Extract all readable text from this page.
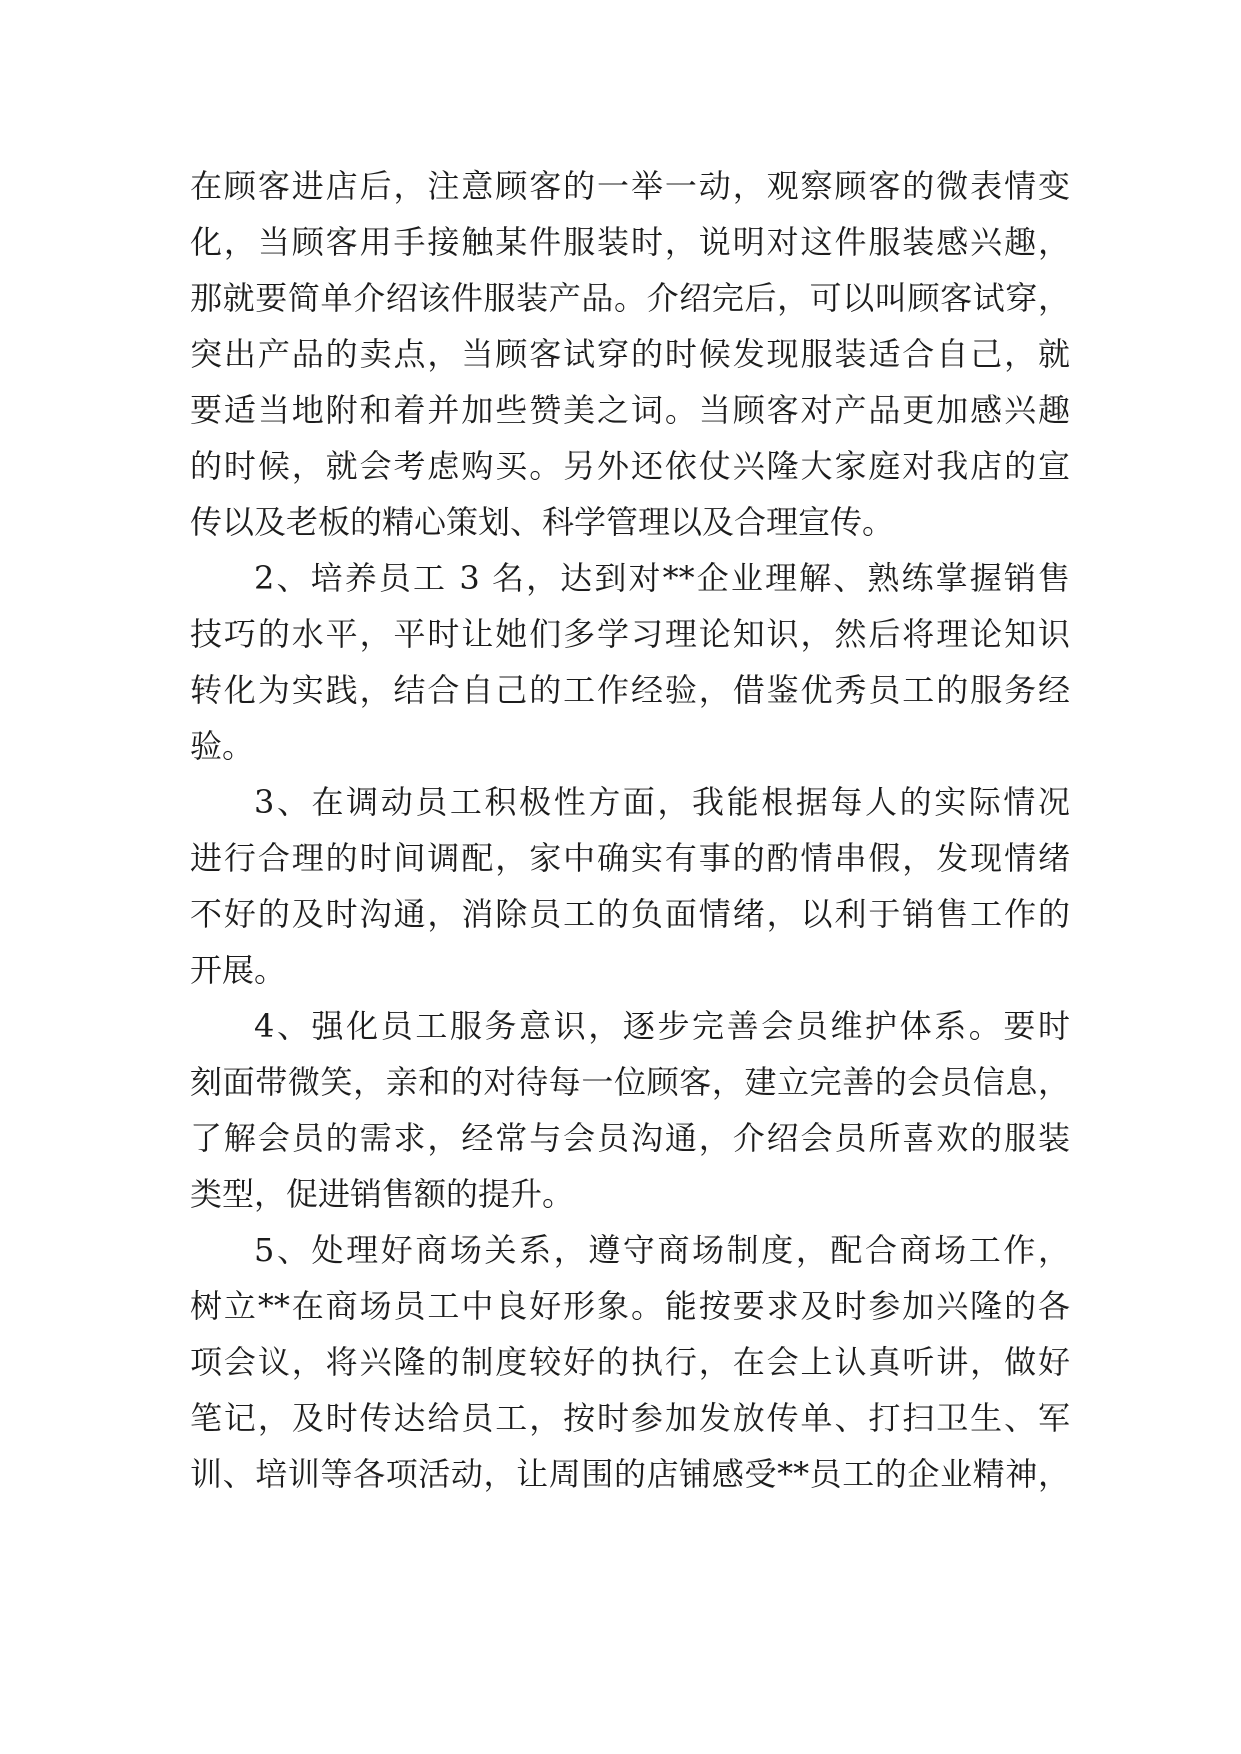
在顾客进店后，注意顾客的一举一动，观察顾客的微表情变
化，当顾客用手接触某件服装时，说明对这件服装感兴趣，
那就要简单介绍该件服装产品。介绍完后，可以叫顾客试穿，
突出产品的卖点，当顾客试穿的时候发现服装适合自己，就
要适当地附和着并加些赞美之词。当顾客对产品更加感兴趣
的时候，就会考虑购买。另外还依仗兴隆大家庭对我店的宣
传以及老板的精心策划、科学管理以及合理宣传。
2、培养员工 3 名，达到对**企业理解、熟练掌握销售
技巧的水平，平时让她们多学习理论知识，然后将理论知识
转化为实践，结合自己的工作经验，借鉴优秀员工的服务经
验。
3、在调动员工积极性方面，我能根据每人的实际情况
进行合理的时间调配，家中确实有事的酌情串假，发现情绪
不好的及时沟通，消除员工的负面情绪，以利于销售工作的
开展。
4、强化员工服务意识，逐步完善会员维护体系。要时
刻面带微笑，亲和的对待每一位顾客，建立完善的会员信息，
了解会员的需求，经常与会员沟通，介绍会员所喜欢的服装
类型，促进销售额的提升。
5、处理好商场关系，遵守商场制度，配合商场工作，
树立**在商场员工中良好形象。能按要求及时参加兴隆的各
项会议，将兴隆的制度较好的执行，在会上认真听讲，做好
笔记，及时传达给员工，按时参加发放传单、打扫卫生、军
训、培训等各项活动，让周围的店铺感受**员工的企业精神，
